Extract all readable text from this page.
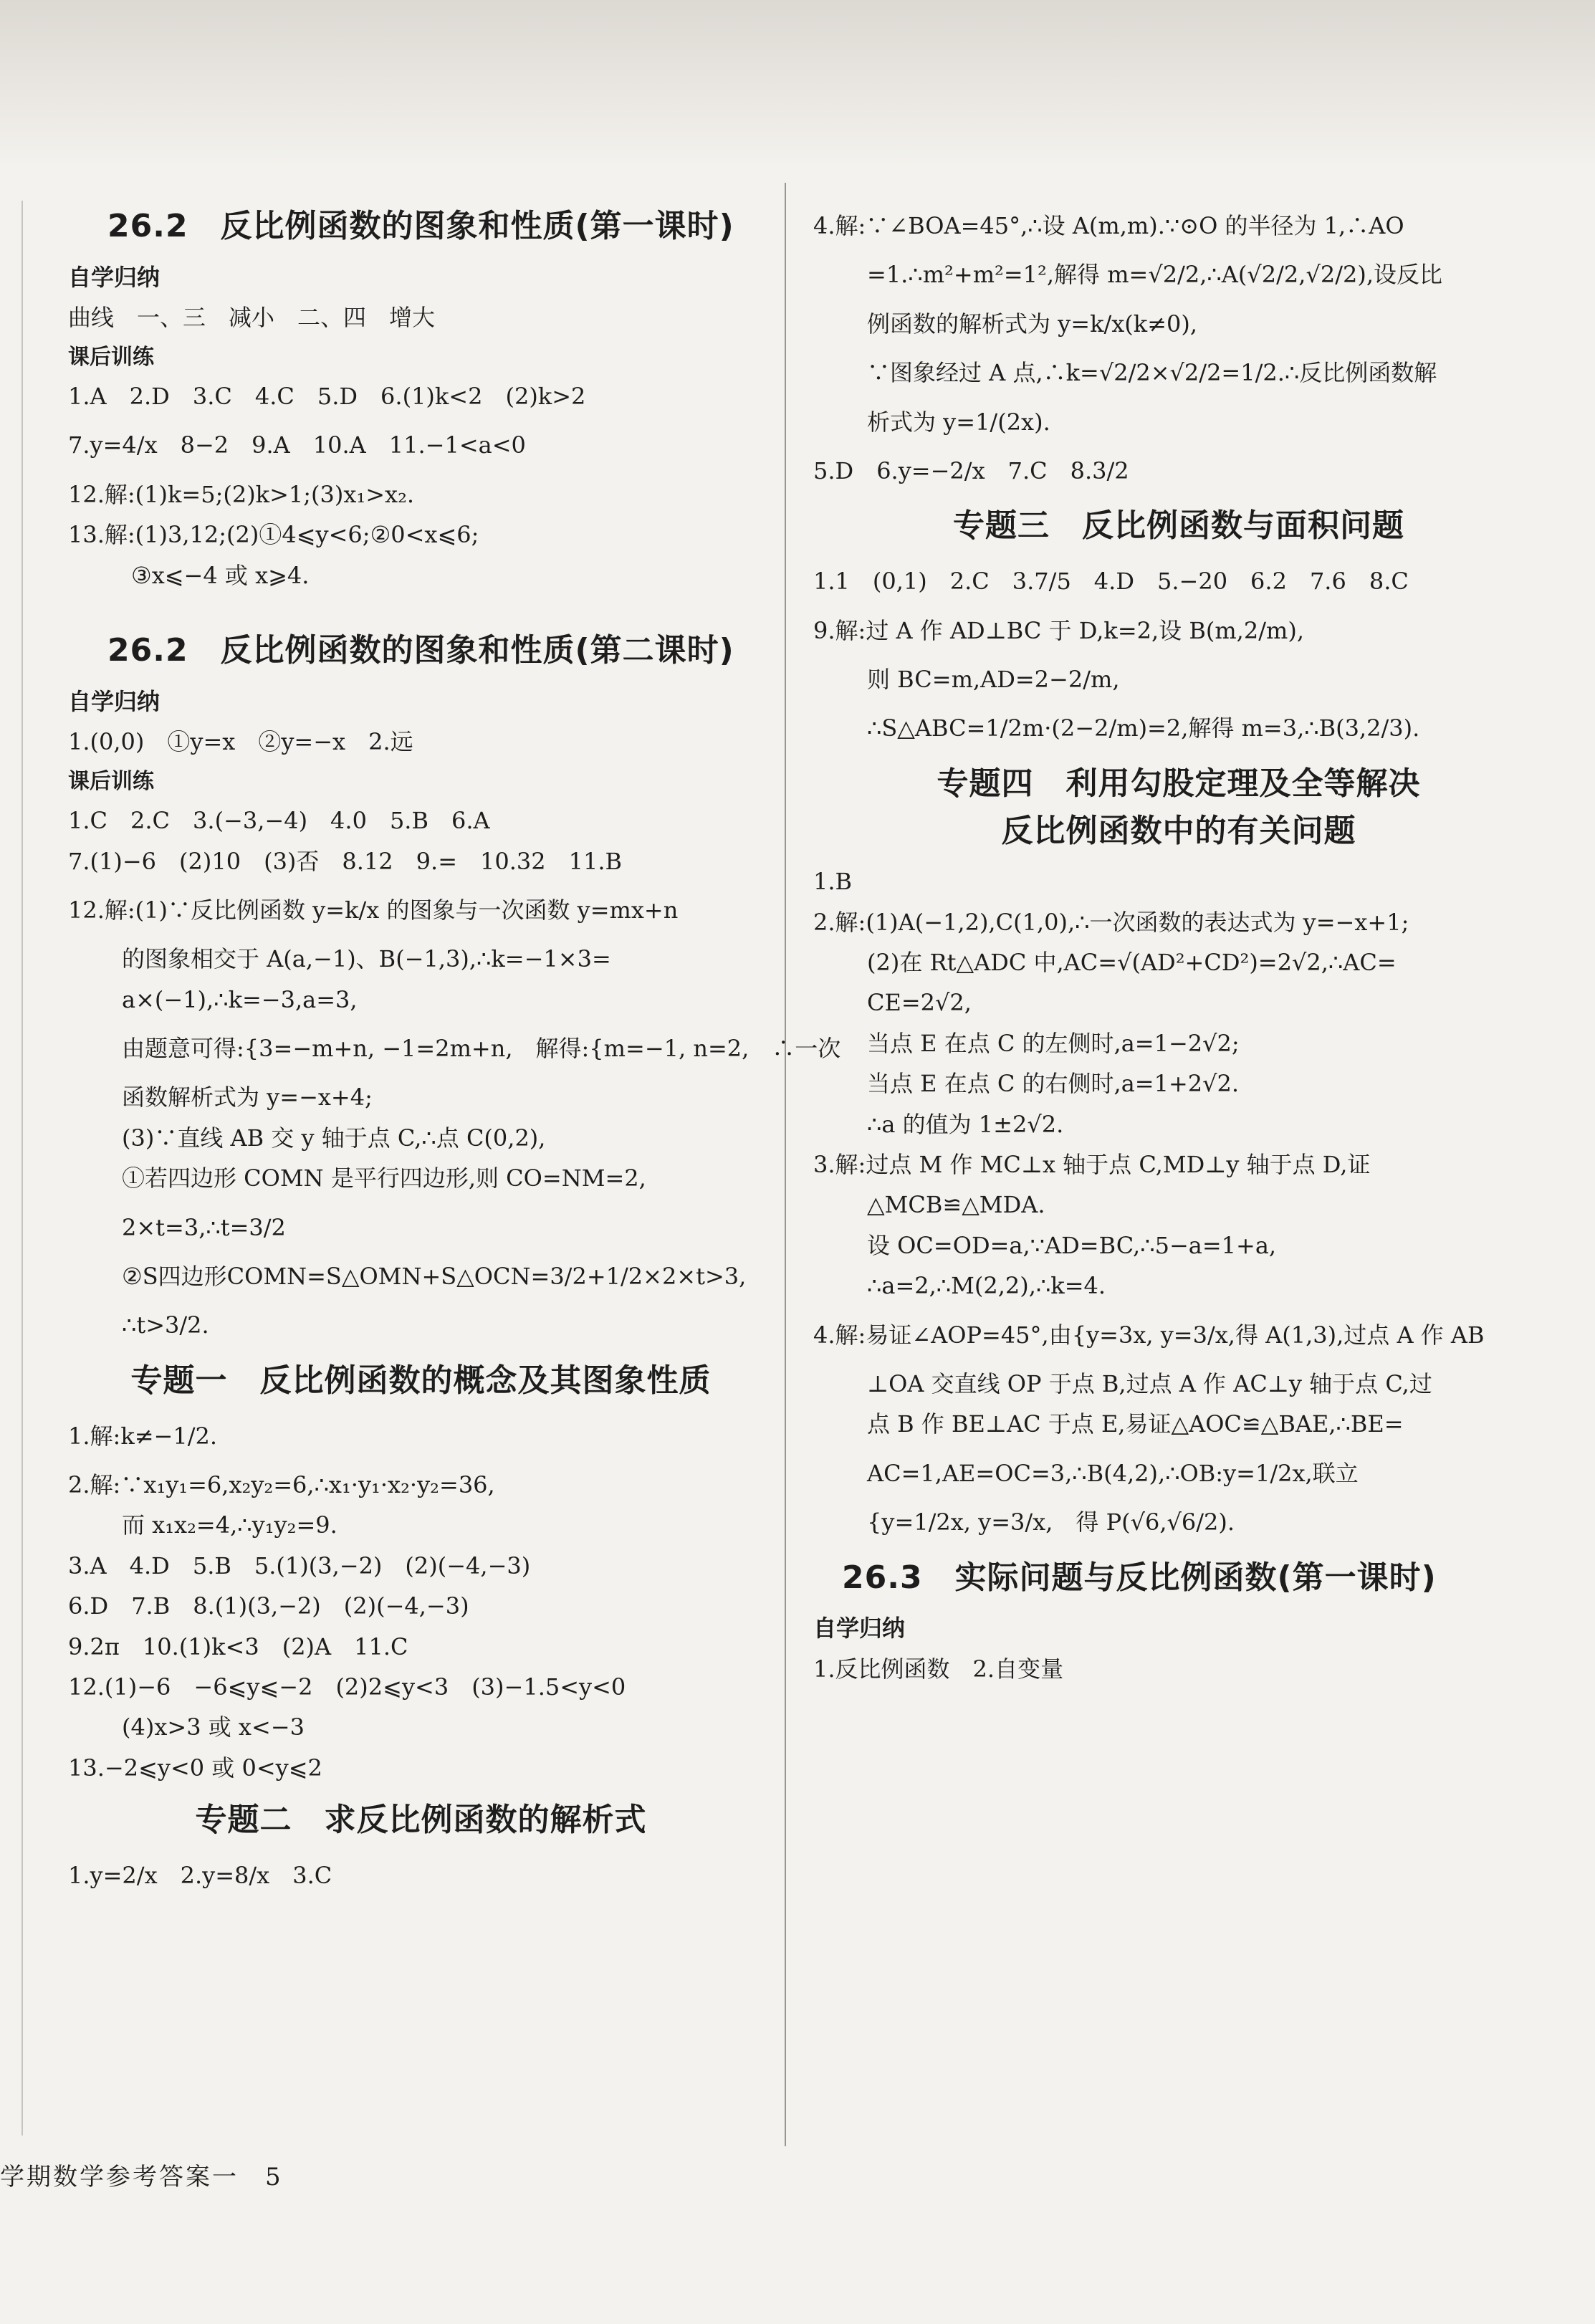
26.2　反比例函数的图象和性质(第一课时)
自学归纳
曲线　一、三　减小　二、四　增大
课后训练
1.A　2.D　3.C　4.C　5.D　6.(1)k<2　(2)k>2
7.y=4/x　8−2　9.A　10.A　11.−1<a<0
12.解:(1)k=5;(2)k>1;(3)x₁>x₂.
13.解:(1)3,12;(2)①4⩽y<6;②0<x⩽6;
③x⩽−4 或 x⩾4.
26.2　反比例函数的图象和性质(第二课时)
自学归纳
1.(0,0)　①y=x　②y=−x　2.远
课后训练
1.C　2.C　3.(−3,−4)　4.0　5.B　6.A
7.(1)−6　(2)10　(3)否　8.12　9.=　10.32　11.B
12.解:(1)∵反比例函数 y=k/x 的图象与一次函数 y=mx+n
的图象相交于 A(a,−1)、B(−1,3),∴k=−1×3=
a×(−1),∴k=−3,a=3,
由题意可得:{3=−m+n, −1=2m+n,　解得:{m=−1, n=2,　∴一次
函数解析式为 y=−x+4;
(3)∵直线 AB 交 y 轴于点 C,∴点 C(0,2),
①若四边形 COMN 是平行四边形,则 CO=NM=2,
2×t=3,∴t=3/2
②S四边形COMN=S△OMN+S△OCN=3/2+1/2×2×t>3,
∴t>3/2.
专题一　反比例函数的概念及其图象性质
1.解:k≠−1/2.
2.解:∵x₁y₁=6,x₂y₂=6,∴x₁·y₁·x₂·y₂=36,
而 x₁x₂=4,∴y₁y₂=9.
3.A　4.D　5.B　5.(1)(3,−2)　(2)(−4,−3)
6.D　7.B　8.(1)(3,−2)　(2)(−4,−3)
9.2π　10.(1)k<3　(2)A　11.C
12.(1)−6　−6⩽y⩽−2　(2)2⩽y<3　(3)−1.5<y<0
(4)x>3 或 x<−3
13.−2⩽y<0 或 0<y⩽2
专题二　求反比例函数的解析式
1.y=2/x　2.y=8/x　3.C
4.解:∵∠BOA=45°,∴设 A(m,m).∵⊙O 的半径为 1,∴AO
=1.∴m²+m²=1²,解得 m=√2/2,∴A(√2/2,√2/2),设反比
例函数的解析式为 y=k/x(k≠0),
∵图象经过 A 点,∴k=√2/2×√2/2=1/2.∴反比例函数解
析式为 y=1/(2x).
5.D　6.y=−2/x　7.C　8.3/2
专题三　反比例函数与面积问题
1.1　(0,1)　2.C　3.7/5　4.D　5.−20　6.2　7.6　8.C
9.解:过 A 作 AD⊥BC 于 D,k=2,设 B(m,2/m),
则 BC=m,AD=2−2/m,
∴S△ABC=1/2m·(2−2/m)=2,解得 m=3,∴B(3,2/3).
专题四　利用勾股定理及全等解决
反比例函数中的有关问题
1.B
2.解:(1)A(−1,2),C(1,0),∴一次函数的表达式为 y=−x+1;
(2)在 Rt△ADC 中,AC=√(AD²+CD²)=2√2,∴AC=
CE=2√2,
当点 E 在点 C 的左侧时,a=1−2√2;
当点 E 在点 C 的右侧时,a=1+2√2.
∴a 的值为 1±2√2.
3.解:过点 M 作 MC⊥x 轴于点 C,MD⊥y 轴于点 D,证
△MCB≌△MDA.
设 OC=OD=a,∵AD=BC,∴5−a=1+a,
∴a=2,∴M(2,2),∴k=4.
4.解:易证∠AOP=45°,由{y=3x, y=3/x,得 A(1,3),过点 A 作 AB
⊥OA 交直线 OP 于点 B,过点 A 作 AC⊥y 轴于点 C,过
点 B 作 BE⊥AC 于点 E,易证△AOC≌△BAE,∴BE=
AC=1,AE=OC=3,∴B(4,2),∴OB:y=1/2x,联立
{y=1/2x, y=3/x,　得 P(√6,√6/2).
26.3　实际问题与反比例函数(第一课时)
自学归纳
1.反比例函数　2.自变量
学期数学参考答案一　5
